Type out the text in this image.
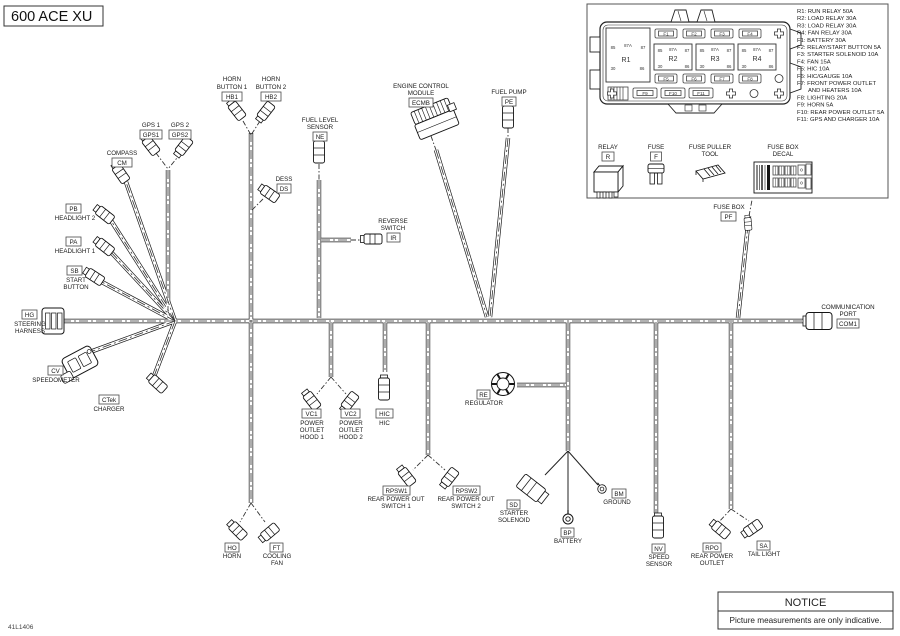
COMPASS
CM
GPS 1
GPS1
GPS 2
GPS2
HORN
BUTTON 1
HB1
HORN
BUTTON 2
HB2
DESS
DS
FUEL LEVEL
SENSOR
NE
ENGINE CONTROL
MODULE
ECMB
FUEL PUMP
PE
REVERSE
SWITCH
IR
PB
HEADLIGHT 2
PA
HEADLIGHT 1
SB
START
BUTTON
HG
STEERING
HARNESS
CV
SPEEDOMETER
CTek
CHARGER
COMMUNICATION
PORT
COM1
FUSE BOX
PF
VC1
POWER
OUTLET
HOOD 1
VC2
POWER
OUTLET
HOOD 2
HIC
HIC
RE
REGULATOR
RPSW1
REAR POWER OUT
SWITCH 1
RPSW2
REAR POWER OUT
SWITCH 2	SD
STARTER
SOLENOID
BP
BATTERY
BM
GROUND
HO
HORN
FT
COOLING
FAN
NV
SPEED
SENSOR
RPO
REAR POWER
OUTLET
SA
TAIL LIGHT
85 87A 87
R1
30	86
85 87A 87
R2
30	86
85 87A 87
R3
30	86
85 87A 87
R4
30	86
F1	F2	F3	F4
F5	F6	F7	F8
F9	F10	F11
R1: RUN RELAY 50A
R2: LOAD RELAY 30A
R3: LOAD RELAY 30A
R4: FAN RELAY 30A
F1: BATTERY 30A
F2: RELAY/START BUTTON 5A
F3: STARTER SOLENOID 10A
F4: FAN 15A
F5: HIC 10A
F6: HIC/GAUGE 10A
F7: FRONT POWER OUTLET
AND HEATERS 10A
F8: LIGHTING 20A
F9: HORN 5A
F10: REAR POWER OUTLET 5A
F11: GPS AND CHARGER 10A
RELAY
R
FUSE
F
FUSE PULLER
TOOL
FUSE BOX
DECAL
600 ACE XU
NOTICE
Picture measurements are only indicative.
41L1406
